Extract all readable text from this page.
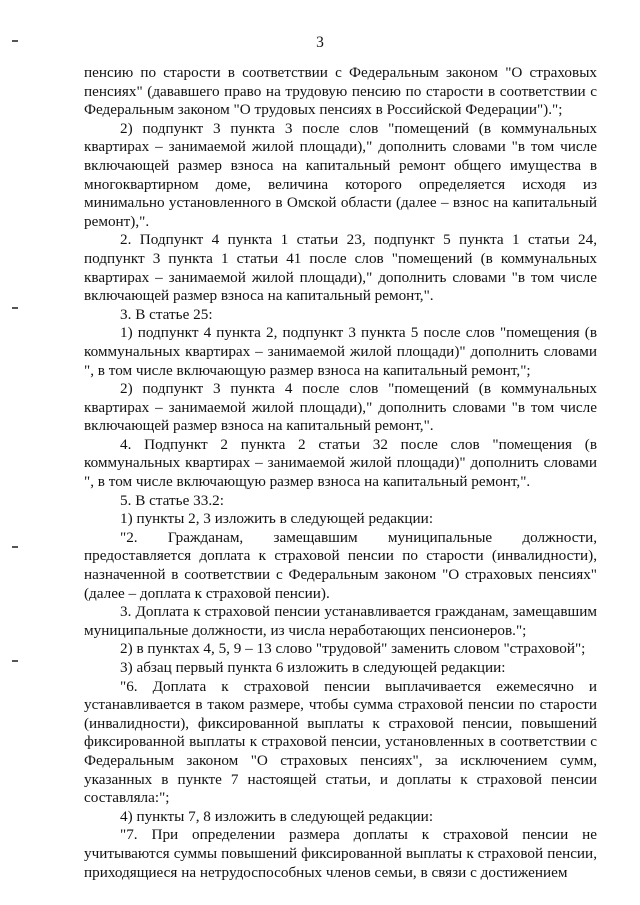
3

пенсию по старости в соответствии с Федеральным законом "О страховых пенсиях" (дававшего право на трудовую пенсию по старости в соответствии с Федеральным законом "О трудовых пенсиях в Российской Федерации").";

2) подпункт 3 пункта 3 после слов "помещений (в коммунальных квартирах – занимаемой жилой площади)," дополнить словами "в том числе включающей размер взноса на капитальный ремонт общего имущества в многоквартирном доме, величина которого определяется исходя из минимально установленного в Омской области (далее – взнос на капитальный ремонт),".

2. Подпункт 4 пункта 1 статьи 23, подпункт 5 пункта 1 статьи 24, подпункт 3 пункта 1 статьи 41 после слов "помещений (в коммунальных квартирах – занимаемой жилой площади)," дополнить словами "в том числе включающей размер взноса на капитальный ремонт,".

3. В статье 25:

1) подпункт 4 пункта 2, подпункт 3 пункта 5 после слов "помещения (в коммунальных квартирах – занимаемой жилой площади)" дополнить словами ", в том числе включающую размер взноса на капитальный ремонт,";

2) подпункт 3 пункта 4 после слов "помещений (в коммунальных квартирах – занимаемой жилой площади)," дополнить словами "в том числе включающей размер взноса на капитальный ремонт,".

4. Подпункт 2 пункта 2 статьи 32 после слов "помещения (в коммунальных квартирах – занимаемой жилой площади)" дополнить словами ", в том числе включающую размер взноса на капитальный ремонт,".

5. В статье 33.2:

1) пункты 2, 3 изложить в следующей редакции:

"2. Гражданам, замещавшим муниципальные должности, предоставляется доплата к страховой пенсии по старости (инвалидности), назначенной в соответствии с Федеральным законом "О страховых пенсиях" (далее – доплата к страховой пенсии).

3. Доплата к страховой пенсии устанавливается гражданам, замещавшим муниципальные должности, из числа неработающих пенсионеров.";

2) в пунктах 4, 5, 9 – 13 слово "трудовой" заменить словом "страховой";

3) абзац первый пункта 6 изложить в следующей редакции:

"6. Доплата к страховой пенсии выплачивается ежемесячно и устанавливается в таком размере, чтобы сумма страховой пенсии по старости (инвалидности), фиксированной выплаты к страховой пенсии, повышений фиксированной выплаты к страховой пенсии, установленных в соответствии с Федеральным законом "О страховых пенсиях", за исключением сумм, указанных в пункте 7 настоящей статьи, и доплаты к страховой пенсии составляла:";

4) пункты 7, 8 изложить в следующей редакции:

"7. При определении размера доплаты к страховой пенсии не учитываются суммы повышений фиксированной выплаты к страховой пенсии, приходящиеся на нетрудоспособных членов семьи, в связи с достижением
